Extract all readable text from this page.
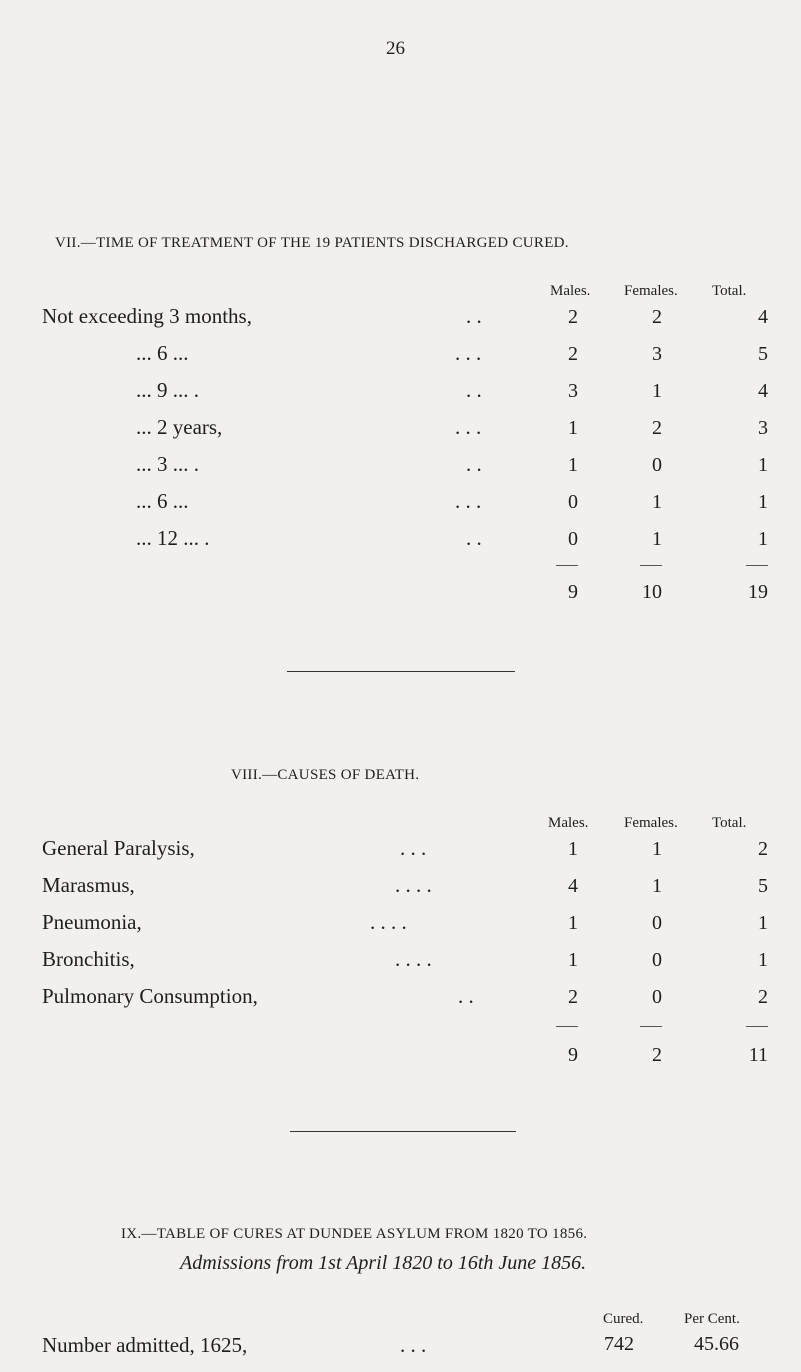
26
VII.—TIME OF TREATMENT OF THE 19 PATIENTS DISCHARGED CURED.
Males. Females. Total.
Not exceeding 3 months,	. .	2	2	4
... 6 ...	. . .	2	3	5
... 9 ... .	. .	3	1	4
... 2 years,	. . .	1	2	3
... 3 ... .	. .	1	0	1
... 6 ...	. . .	0	1	1
... 12 ... .	. .	0	1	1
9	10	19
VIII.—CAUSES OF DEATH.
Males. Females. Total.
General Paralysis,	. . .	1	1	2
Marasmus,	. . . .	4	1	5
Pneumonia,	. . . .	1	0	1
Bronchitis,	. . . .	1	0	1
Pulmonary Consumption,	. .	2	0	2
9	2	11
IX.—TABLE OF CURES AT DUNDEE ASYLUM FROM 1820 TO 1856.
Admissions from 1st April 1820 to 16th June 1856.
Cured.	Per Cent.
Number admitted, 1625,	. . .	742	45.66
